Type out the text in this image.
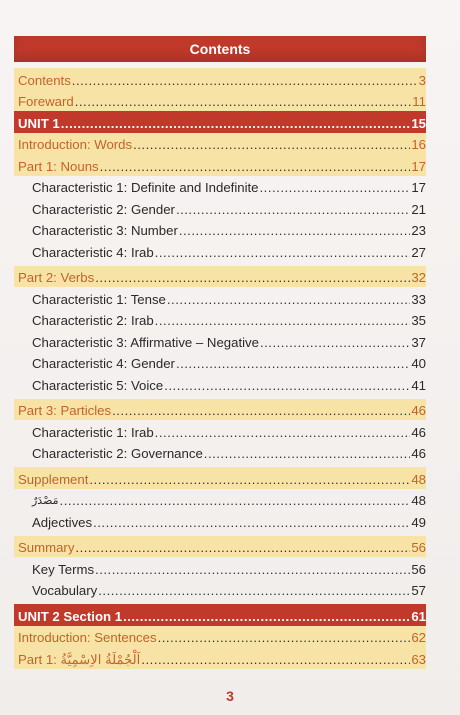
Contents
Contents .....	3
Foreward .....	11
UNIT 1 .....	15
Introduction: Words .....	16
Part 1: Nouns .....	17
Characteristic 1: Definite and Indefinite .....	17
Characteristic 2: Gender .....	21
Characteristic 3: Number .....	23
Characteristic 4: Irab .....	27
Part 2: Verbs .....	32
Characteristic 1: Tense .....	33
Characteristic 2: Irab .....	35
Characteristic 3: Affirmative – Negative .....	37
Characteristic 4: Gender .....	40
Characteristic 5: Voice .....	41
Part 3: Particles .....	46
Characteristic 1: Irab .....	46
Characteristic 2: Governance .....	46
Supplement .....	48
مَصْدَرٌ .....	48
Adjectives .....	49
Summary .....	56
Key Terms .....	56
Vocabulary .....	57
UNIT 2 Section 1 .....	61
Introduction: Sentences .....	62
Part 1: اَلْجُمْلَةُ الاِسْمِيَّةُ .....	63
3
